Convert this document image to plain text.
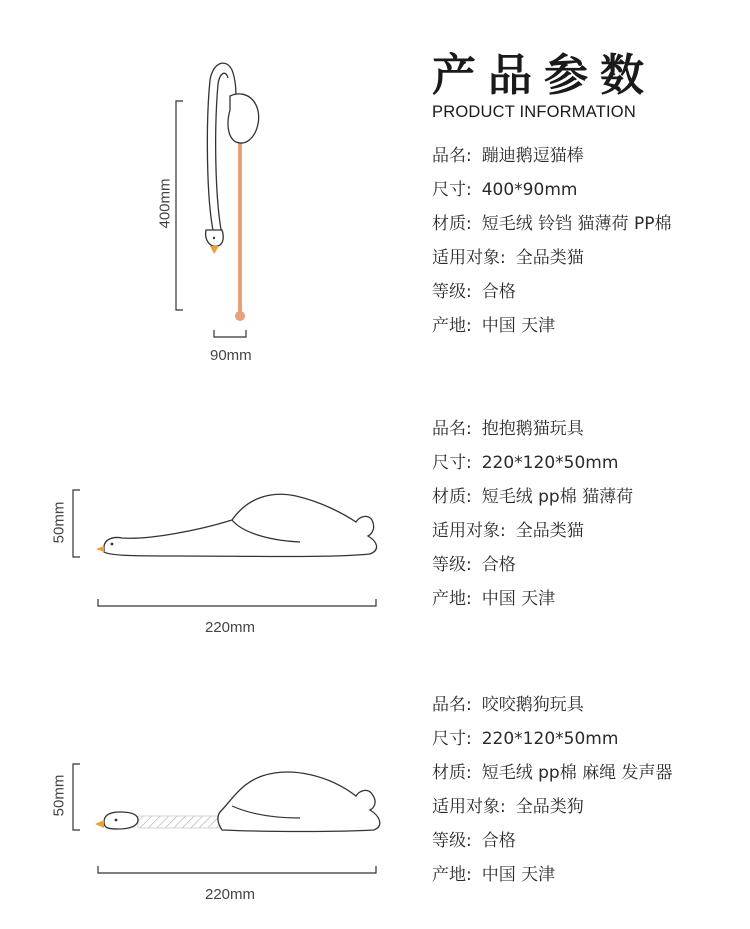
产品参数
PRODUCT INFORMATION
400mm
90mm
品名: 蹦迪鹅逗猫棒
尺寸: 400*90mm
材质: 短毛绒 铃铛 猫薄荷 PP棉
适用对象: 全品类猫
等级: 合格
产地: 中国 天津
50mm
220mm
品名: 抱抱鹅猫玩具
尺寸: 220*120*50mm
材质: 短毛绒 pp棉 猫薄荷
适用对象: 全品类猫
等级: 合格
产地: 中国 天津
50mm
220mm
品名: 咬咬鹅狗玩具
尺寸: 220*120*50mm
材质: 短毛绒 pp棉 麻绳 发声器
适用对象: 全品类狗
等级: 合格
产地: 中国 天津
